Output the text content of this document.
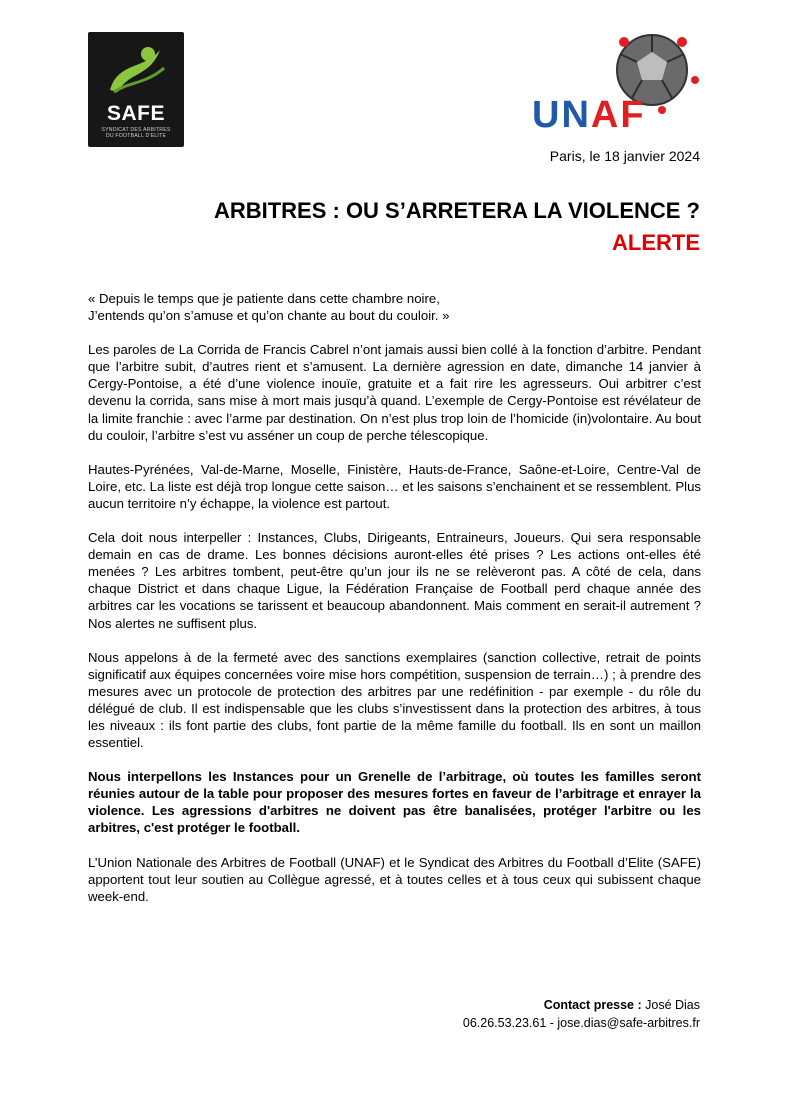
SAFE
SYNDICAT DES ARBITRES
DU FOOTBALL D'ELITE	UNAF
Paris, le 18 janvier 2024
ARBITRES : OU S’ARRETERA LA VIOLENCE ?
ALERTE

« Depuis le temps que je patiente dans cette chambre noire,
J’entends qu’on s’amuse et qu’on chante au bout du couloir. »

Les paroles de La Corrida de Francis Cabrel n’ont jamais aussi bien collé à la fonction d’arbitre. Pendant que l’arbitre subit, d’autres rient et s’amusent. La dernière agression en date, dimanche 14 janvier à Cergy-Pontoise, a été d’une violence inouïe, gratuite et a fait rire les agresseurs. Oui arbitrer c’est devenu la corrida, sans mise à mort mais jusqu’à quand. L’exemple de Cergy-Pontoise est révélateur de la limite franchie : avec l’arme par destination. On n’est plus trop loin de l’homicide (in)volontaire. Au bout du couloir, l’arbitre s’est vu asséner un coup de perche télescopique.

Hautes-Pyrénées, Val-de-Marne, Moselle, Finistère, Hauts-de-France, Saône-et-Loire, Centre-Val de Loire, etc. La liste est déjà trop longue cette saison… et les saisons s’enchainent et se ressemblent. Plus aucun territoire n’y échappe, la violence est partout.

Cela doit nous interpeller : Instances, Clubs, Dirigeants, Entraineurs, Joueurs. Qui sera responsable demain en cas de drame. Les bonnes décisions auront-elles été prises ? Les actions ont-elles été menées ? Les arbitres tombent, peut-être qu’un jour ils ne se relèveront pas. A côté de cela, dans chaque District et dans chaque Ligue, la Fédération Française de Football perd chaque année des arbitres car les vocations se tarissent et beaucoup abandonnent. Mais comment en serait-il autrement ? Nos alertes ne suffisent plus.

Nous appelons à de la fermeté avec des sanctions exemplaires (sanction collective, retrait de points significatif aux équipes concernées voire mise hors compétition, suspension de terrain…) ; à prendre des mesures avec un protocole de protection des arbitres par une redéfinition - par exemple - du rôle du délégué de club. Il est indispensable que les clubs s’investissent dans la protection des arbitres, à tous les niveaux : ils font partie des clubs, font partie de la même famille du football. Ils en sont un maillon essentiel.

Nous interpellons les Instances pour un Grenelle de l’arbitrage, où toutes les familles seront réunies autour de la table pour proposer des mesures fortes en faveur de l’arbitrage et enrayer la violence. Les agressions d'arbitres ne doivent pas être banalisées, protéger l'arbitre ou les arbitres, c'est protéger le football.

L’Union Nationale des Arbitres de Football (UNAF) et le Syndicat des Arbitres du Football d’Elite (SAFE) apportent tout leur soutien au Collègue agressé, et à toutes celles et à tous ceux qui subissent chaque week-end.

Contact presse : José Dias
06.26.53.23.61 - jose.dias@safe-arbitres.fr
